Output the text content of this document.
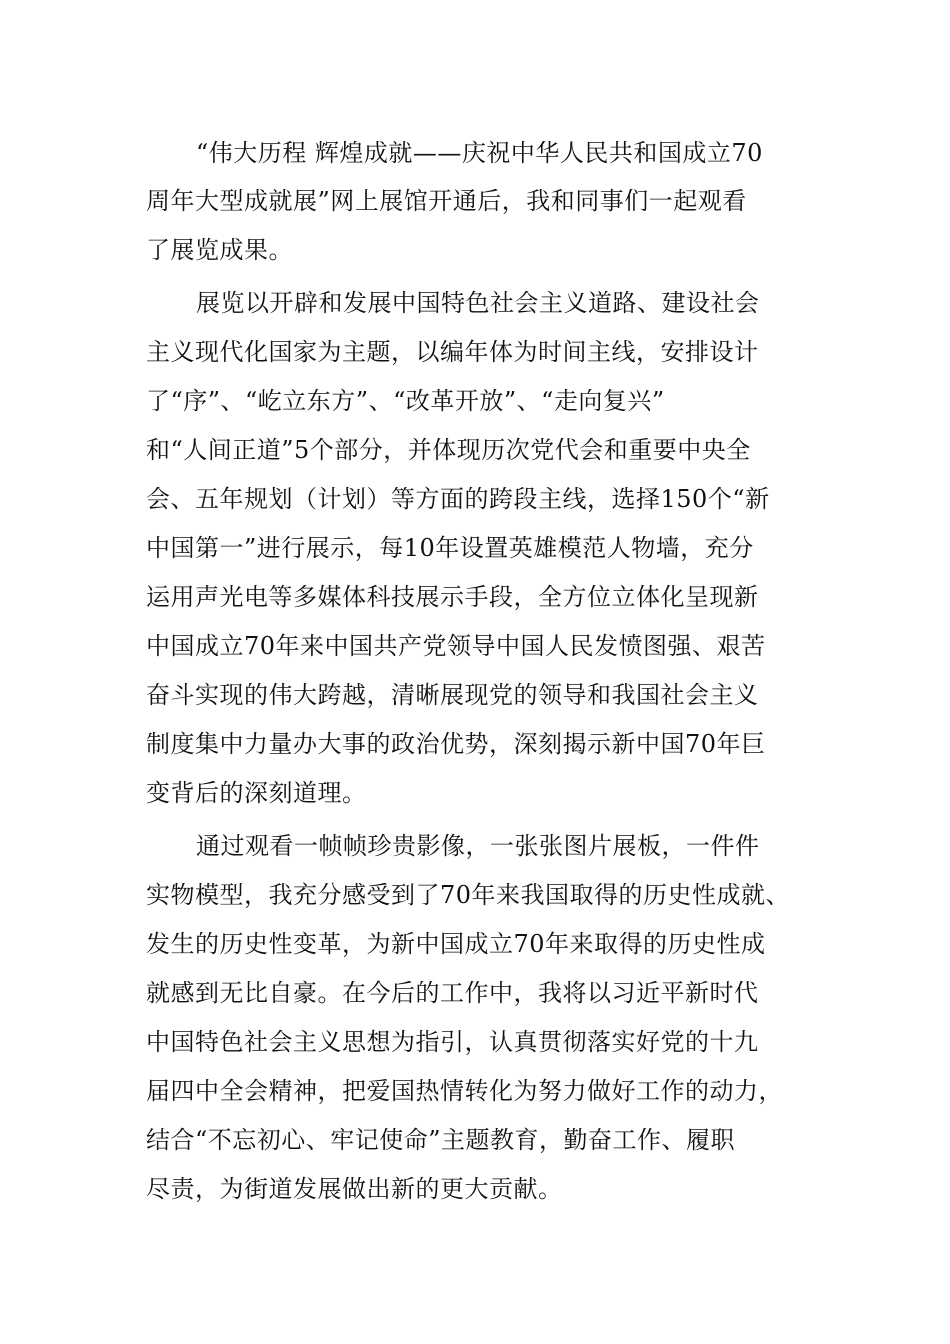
“伟大历程 辉煌成就——庆祝中华人民共和国成立70
周年大型成就展”网上展馆开通后，我和同事们一起观看
了展览成果。
展览以开辟和发展中国特色社会主义道路、建设社会
主义现代化国家为主题，以编年体为时间主线，安排设计
了“序”、“屹立东方”、“改革开放”、“走向复兴”
和“人间正道”5个部分，并体现历次党代会和重要中央全
会、五年规划（计划）等方面的跨段主线，选择150个“新
中国第一”进行展示，每10年设置英雄模范人物墙，充分
运用声光电等多媒体科技展示手段，全方位立体化呈现新
中国成立70年来中国共产党领导中国人民发愤图强、艰苦
奋斗实现的伟大跨越，清晰展现党的领导和我国社会主义
制度集中力量办大事的政治优势，深刻揭示新中国70年巨
变背后的深刻道理。
通过观看一帧帧珍贵影像，一张张图片展板，一件件
实物模型，我充分感受到了70年来我国取得的历史性成就、
发生的历史性变革，为新中国成立70年来取得的历史性成
就感到无比自豪。在今后的工作中，我将以习近平新时代
中国特色社会主义思想为指引，认真贯彻落实好党的十九
届四中全会精神，把爱国热情转化为努力做好工作的动力，
结合“不忘初心、牢记使命”主题教育，勤奋工作、履职
尽责，为街道发展做出新的更大贡献。
